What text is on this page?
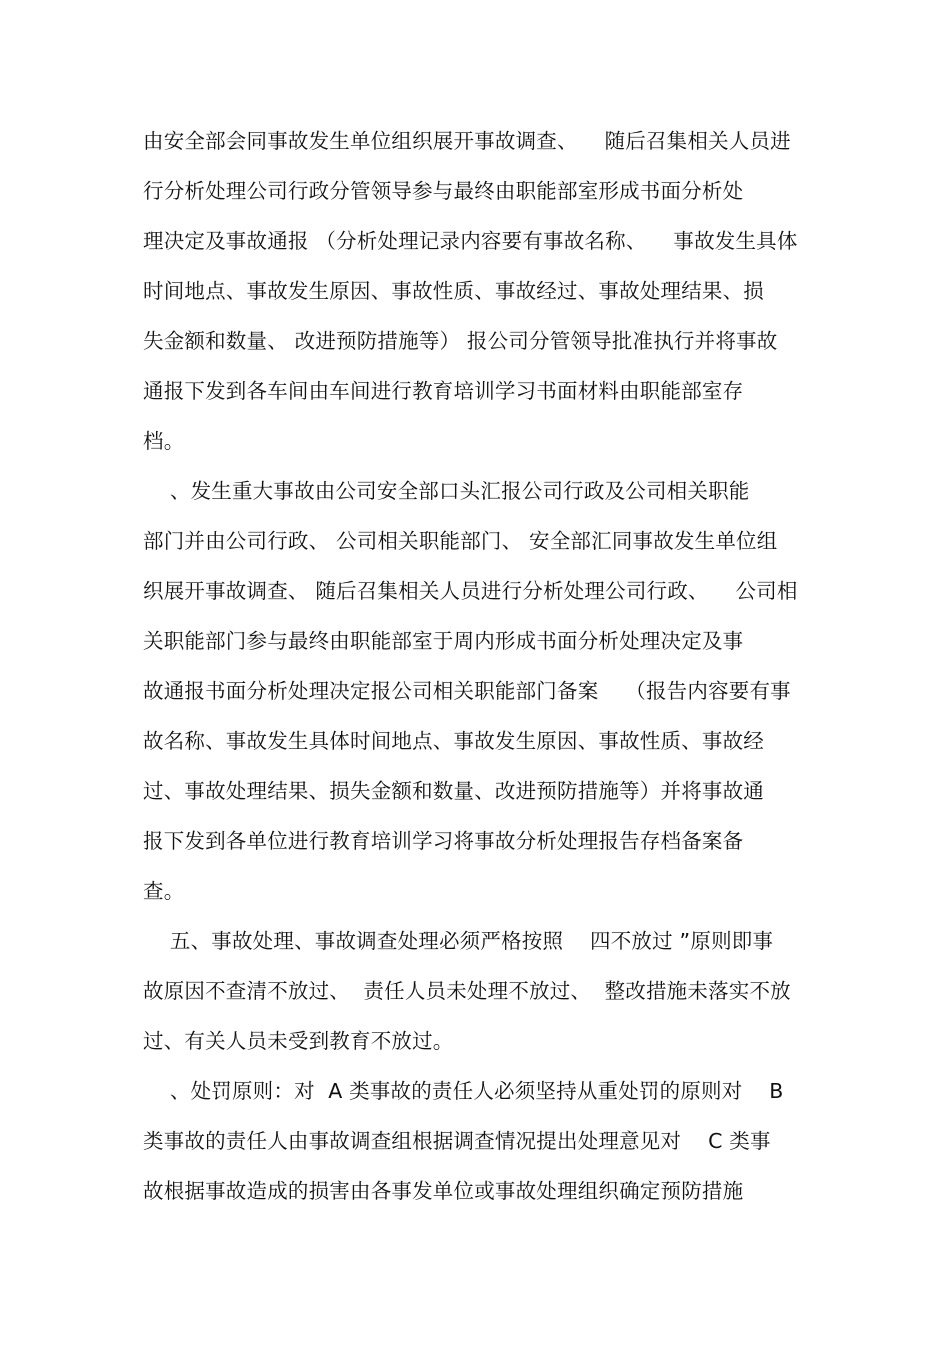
由安全部会同事故发生单位组织展开事故调查、    随后召集相关人员进
行分析处理公司行政分管领导参与最终由职能部室形成书面分析处
理决定及事故通报 （分析处理记录内容要有事故名称、    事故发生具体
时间地点、事故发生原因、事故性质、事故经过、事故处理结果、损
失金额和数量、 改进预防措施等） 报公司分管领导批准执行并将事故
通报下发到各车间由车间进行教育培训学习书面材料由职能部室存
档。
、发生重大事故由公司安全部口头汇报公司行政及公司相关职能
部门并由公司行政、 公司相关职能部门、 安全部汇同事故发生单位组
织展开事故调查、 随后召集相关人员进行分析处理公司行政、    公司相
关职能部门参与最终由职能部室于周内形成书面分析处理决定及事
故通报书面分析处理决定报公司相关职能部门备案    （报告内容要有事
故名称、事故发生具体时间地点、事故发生原因、事故性质、事故经
过、事故处理结果、损失金额和数量、改进预防措施等）并将事故通
报下发到各单位进行教育培训学习将事故分析处理报告存档备案备
查。
五、事故处理、事故调查处理必须严格按照    四不放过 ”原则即事
故原因不查清不放过、  责任人员未处理不放过、  整改措施未落实不放
过、有关人员未受到教育不放过。
、处罚原则：对  A 类事故的责任人必须坚持从重处罚的原则对    B
类事故的责任人由事故调查组根据调查情况提出处理意见对    C 类事
故根据事故造成的损害由各事发单位或事故处理组织确定预防措施
